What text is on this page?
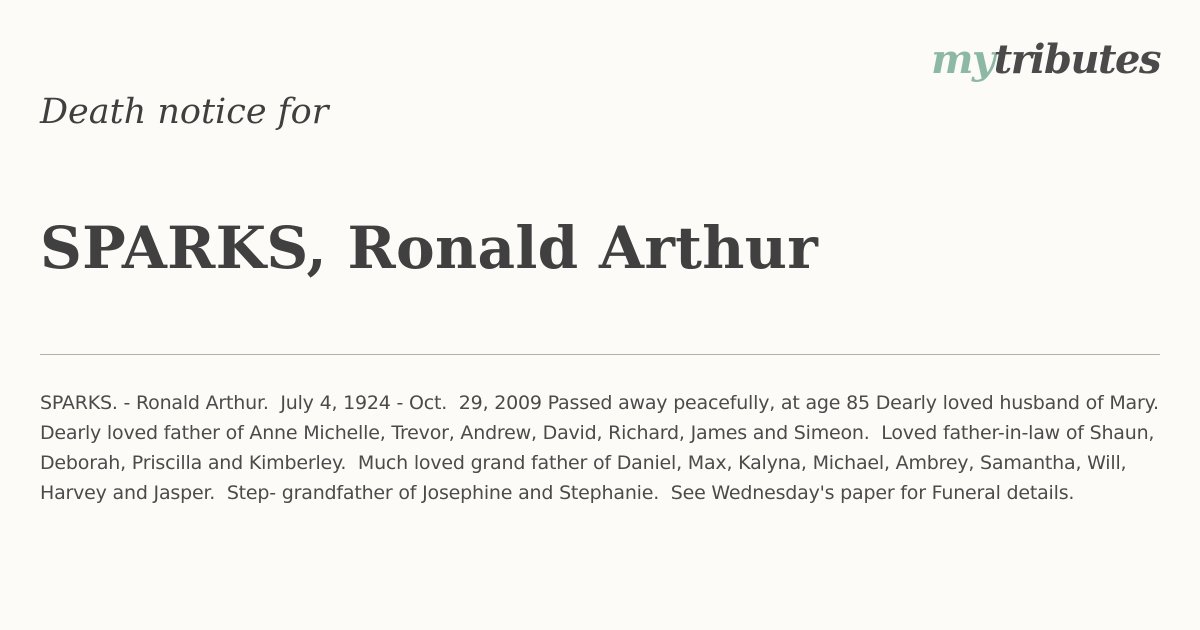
mytributes
Death notice for
SPARKS, Ronald Arthur
SPARKS. - Ronald Arthur.  July 4, 1924 - Oct.  29, 2009 Passed away peacefully, at age 85 Dearly loved husband of Mary.  Dearly loved father of Anne Michelle, Trevor, Andrew, David, Richard, James and Simeon.  Loved father-in-law of Shaun, Deborah, Priscilla and Kimberley.  Much loved grand father of Daniel, Max, Kalyna, Michael, Ambrey, Samantha, Will, Harvey and Jasper.  Step- grandfather of Josephine and Stephanie.  See Wednesday's paper for Funeral details.
